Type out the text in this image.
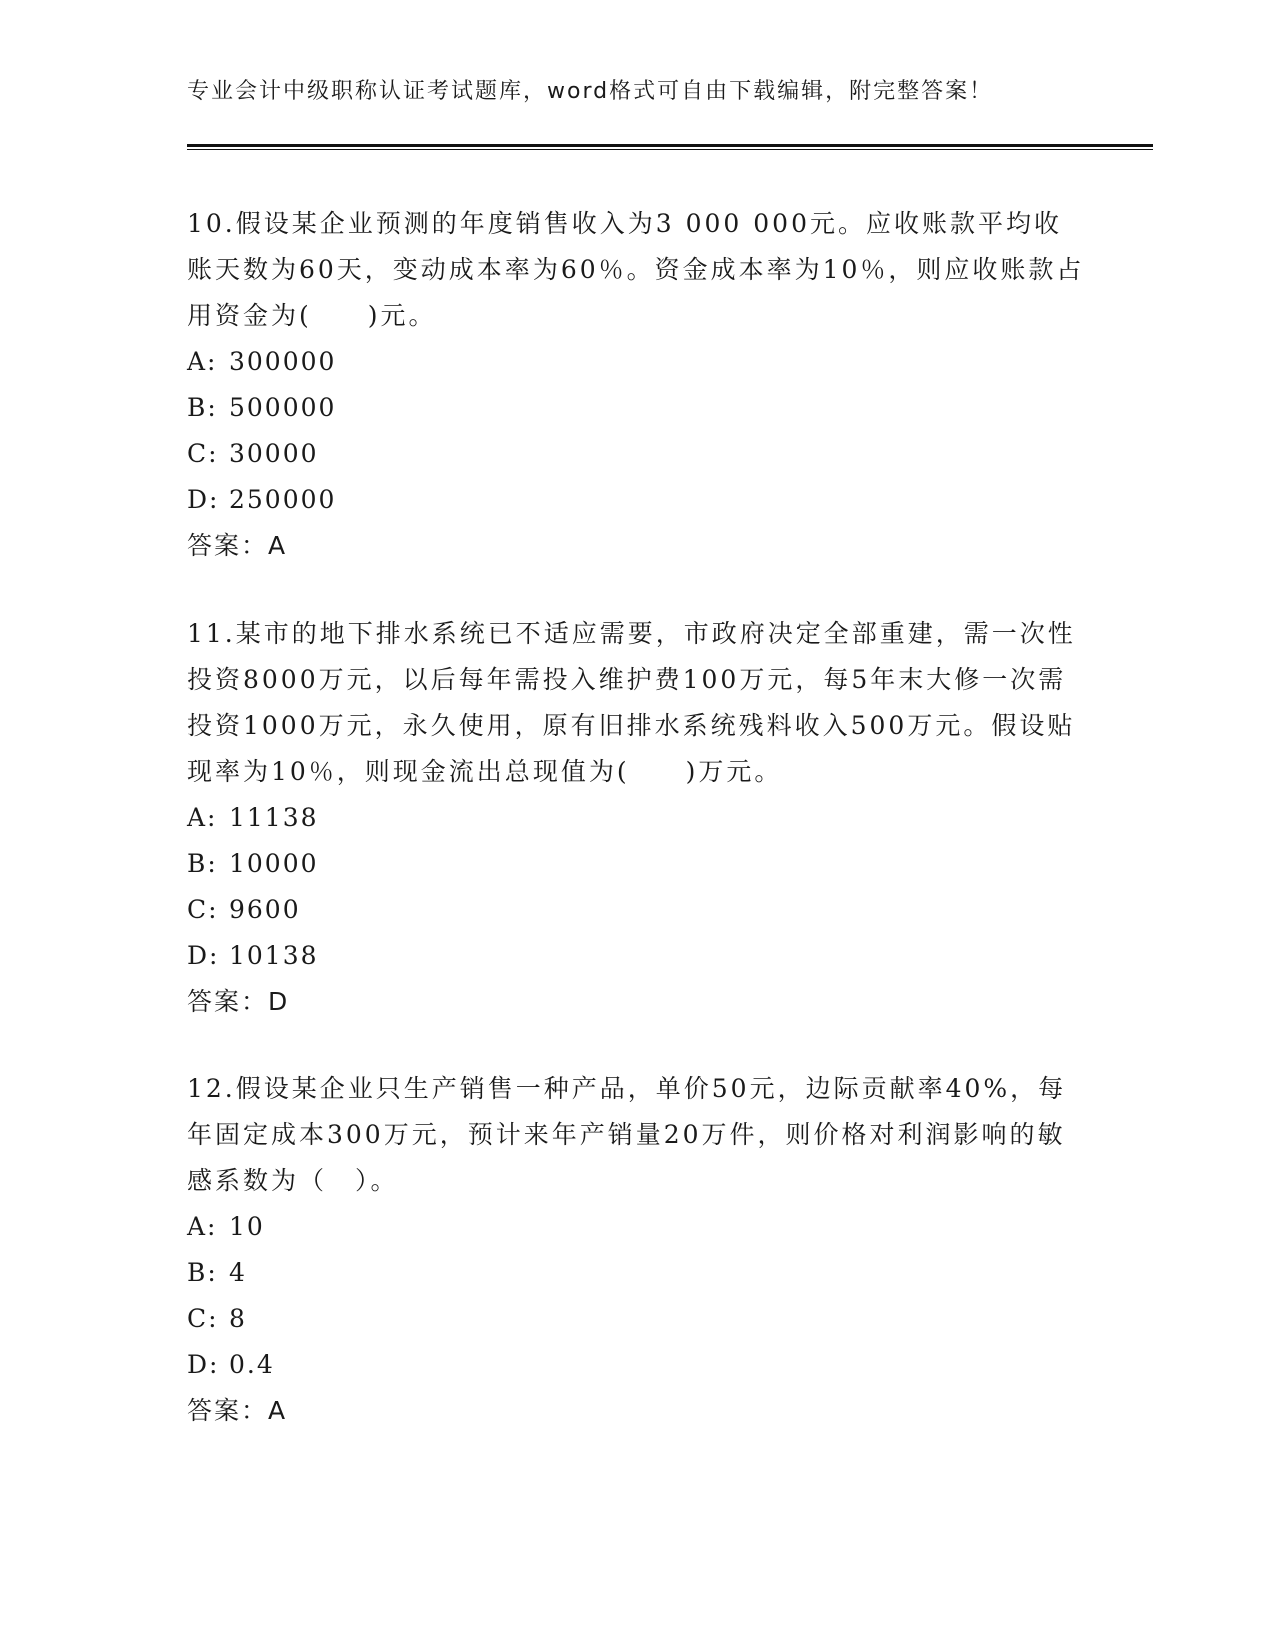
专业会计中级职称认证考试题库，word格式可自由下载编辑，附完整答案！

10.假设某企业预测的年度销售收入为3 000 000元。应收账款平均收账天数为60天，变动成本率为60％。资金成本率为10％，则应收账款占用资金为(　　)元。

A: 300000

B: 500000

C: 30000

D: 250000

答案：A

11.某市的地下排水系统已不适应需要，市政府决定全部重建，需一次性投资8000万元，以后每年需投入维护费100万元，每5年末大修一次需投资1000万元，永久使用，原有旧排水系统残料收入500万元。假设贴现率为10％，则现金流出总现值为(　　)万元。

A: 11138

B: 10000

C: 9600

D: 10138

答案：D

12.假设某企业只生产销售一种产品，单价50元，边际贡献率40%，每年固定成本300万元，预计来年产销量20万件，则价格对利润影响的敏感系数为（　）。

A: 10

B: 4

C: 8

D: 0.4

答案：A
